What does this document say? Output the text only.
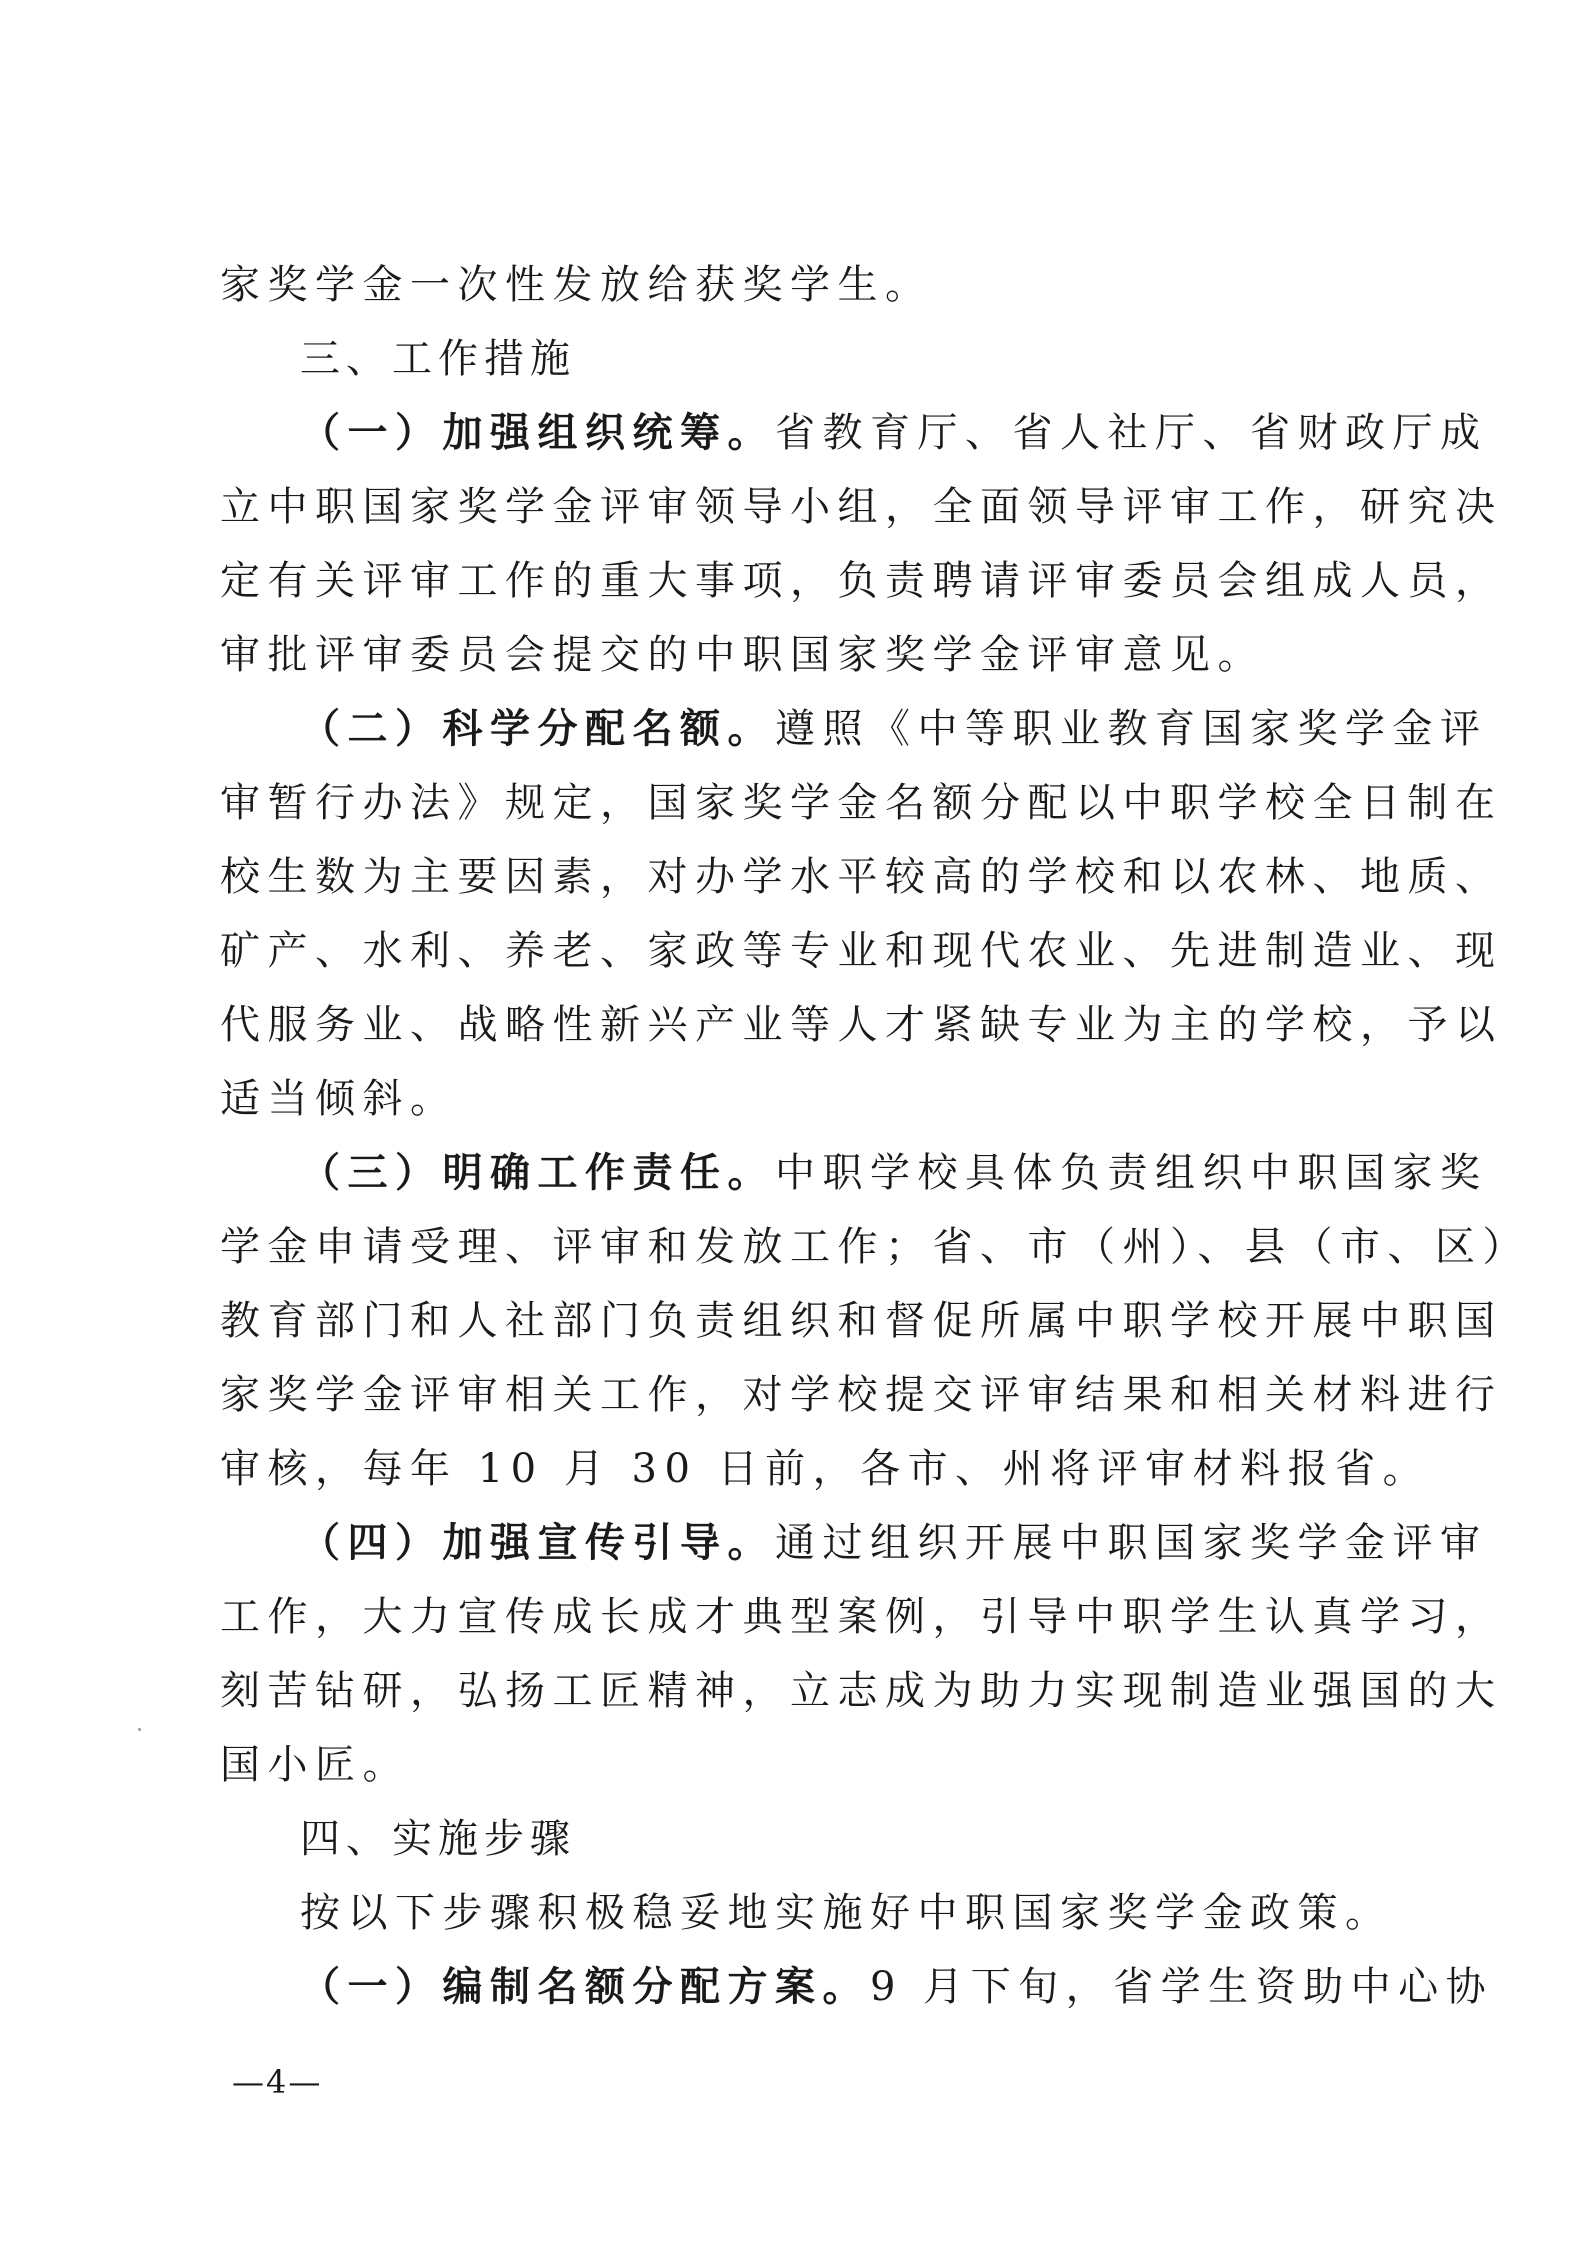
家奖学金一次性发放给获奖学生。
三、工作措施
（一）加强组织统筹。省教育厅、省人社厅、省财政厅成
立中职国家奖学金评审领导小组，全面领导评审工作，研究决
定有关评审工作的重大事项，负责聘请评审委员会组成人员，
审批评审委员会提交的中职国家奖学金评审意见。
（二）科学分配名额。遵照《中等职业教育国家奖学金评
审暂行办法》规定，国家奖学金名额分配以中职学校全日制在
校生数为主要因素，对办学水平较高的学校和以农林、地质、
矿产、水利、养老、家政等专业和现代农业、先进制造业、现
代服务业、战略性新兴产业等人才紧缺专业为主的学校，予以
适当倾斜。
（三）明确工作责任。中职学校具体负责组织中职国家奖
学金申请受理、评审和发放工作；省、市（州）、县（市、区）
教育部门和人社部门负责组织和督促所属中职学校开展中职国
家奖学金评审相关工作，对学校提交评审结果和相关材料进行
审核，每年 10 月 30 日前，各市、州将评审材料报省。
（四）加强宣传引导。通过组织开展中职国家奖学金评审
工作，大力宣传成长成才典型案例，引导中职学生认真学习，
刻苦钻研，弘扬工匠精神，立志成为助力实现制造业强国的大
国小匠。
四、实施步骤
按以下步骤积极稳妥地实施好中职国家奖学金政策。
（一）编制名额分配方案。9 月下旬，省学生资助中心协
—4—
